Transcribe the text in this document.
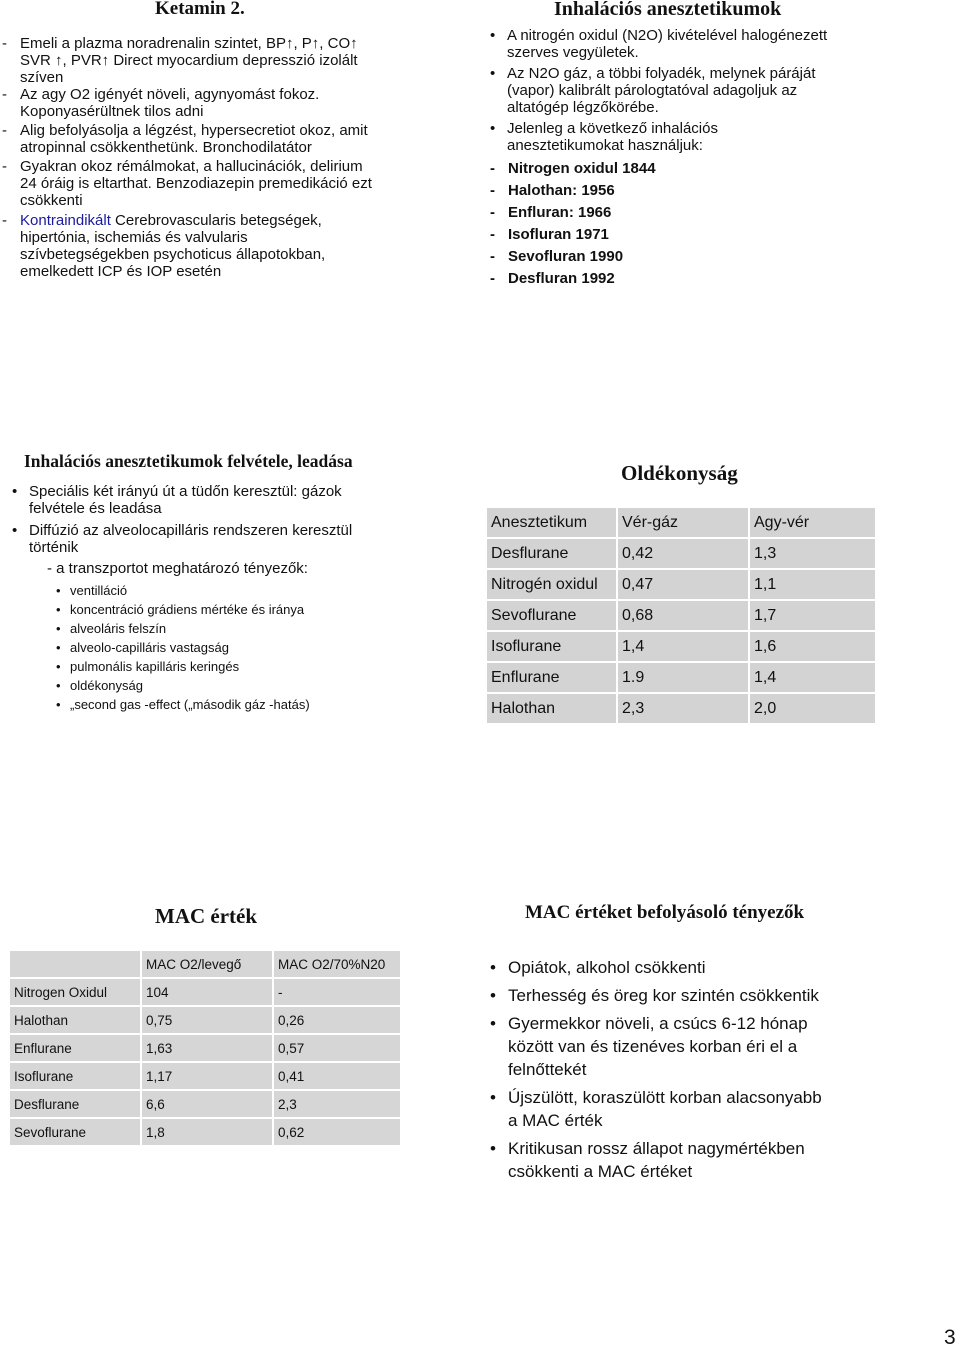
Ketamin 2.
- Emeli a plazma noradrenalin szintet, BP↑, P↑, CO↑
SVR ↑, PVR↑ Direct myocardium depresszió izolált
szíven
- Az agy O2 igényét növeli, agynyomást fokoz.
Koponyasérültnek tilos adni
- Alig befolyásolja a légzést, hypersecretiot okoz, amit
atropinnal csökkenthetünk. Bronchodilatátor
- Gyakran okoz rémálmokat, a hallucinációk, delirium
24 óráig is eltarthat. Benzodiazepin premedikáció ezt
csökkenti
- Kontraindikált Cerebrovascularis betegségek,
hipertónia, ischemiás és valvularis
szívbetegségekben psychoticus állapotokban,
emelkedett ICP és IOP esetén
Inhalációs anesztetikumok
• A nitrogén oxidul (N2O) kivételével halogénezett
szerves vegyületek.
• Az N2O gáz, a többi folyadék, melynek páráját
(vapor) kalibrált párologtatóval adagoljuk az
altatógép légzőkörébe.
• Jelenleg a következő inhalációs
anesztetikumokat használjuk:
- Nitrogen oxidul 1844
- Halothan: 1956
- Enfluran: 1966
- Isofluran 1971
- Sevofluran 1990
- Desfluran 1992
Inhalációs anesztetikumok felvétele, leadása
• Speciális két irányú út a tüdőn keresztül: gázok
felvétele és leadása
• Diffúzió az alveolocapilláris rendszeren keresztül
történik
- a transzportot meghatározó tényezők:
• ventilláció
• koncentráció grádiens mértéke és iránya
• alveoláris felszín
• alveolo-capilláris vastagság
• pulmonális kapilláris keringés
• oldékonyság
• „second gas -effect („második gáz -hatás)
Oldékonyság
Anesztetikum	Vér-gáz	Agy-vér
Desflurane	0,42	1,3
Nitrogén oxidul	0,47	1,1
Sevoflurane	0,68	1,7
Isoflurane	1,4	1,6
Enflurane	1.9	1,4
Halothan	2,3	2,0
MAC érték
	MAC O2/levegő	MAC O2/70%N20
Nitrogen Oxidul	104	-
Halothan	0,75	0,26
Enflurane	1,63	0,57
Isoflurane	1,17	0,41
Desflurane	6,6	2,3
Sevoflurane	1,8	0,62
MAC értéket befolyásoló tényezők
• Opiátok, alkohol csökkenti
• Terhesség és öreg kor szintén csökkentik
• Gyermekkor növeli, a csúcs 6-12 hónap
között van és tizenéves korban éri el a
felnőttekét
• Újszülött, koraszülött korban alacsonyabb
a MAC érték
• Kritikusan rossz állapot nagymértékben
csökkenti a MAC értéket
3
